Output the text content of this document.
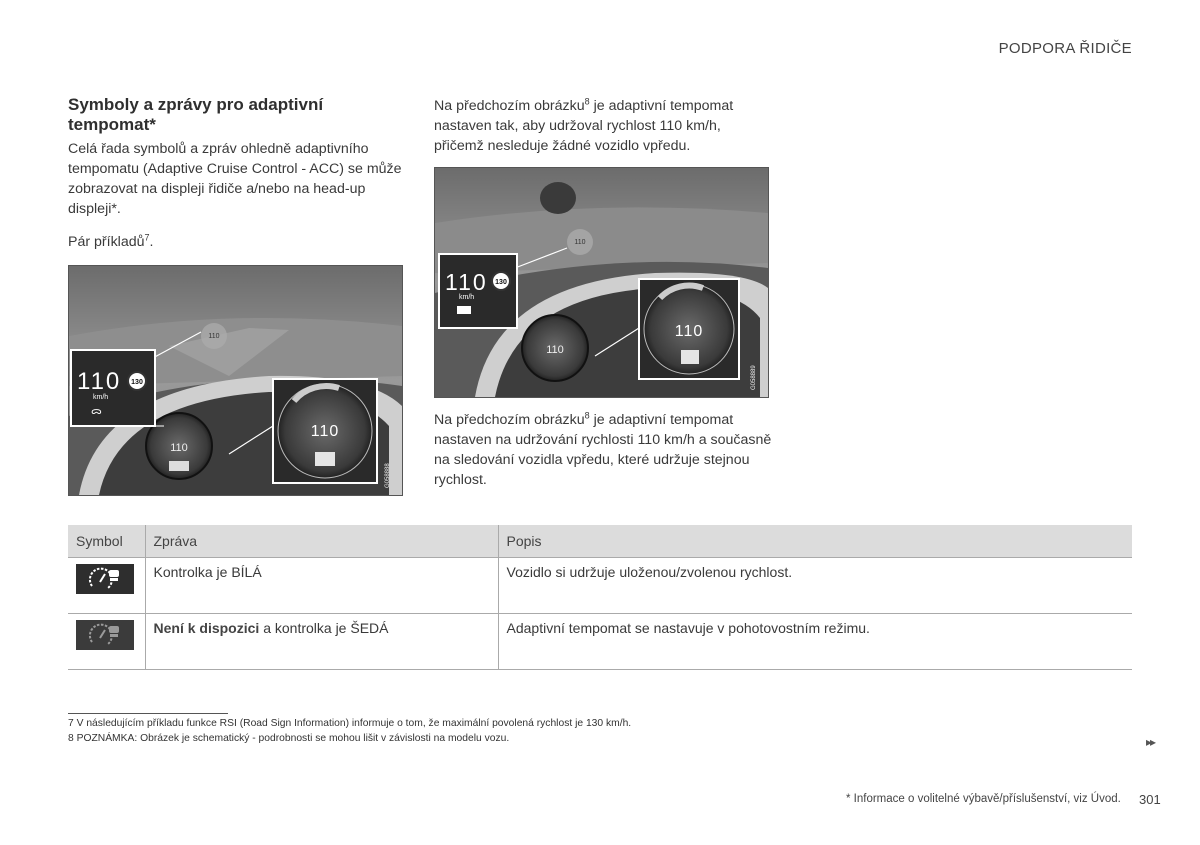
PODPORA ŘIDIČE
Symboly a zprávy pro adaptivní tempomat*
Celá řada symbolů a zpráv ohledně adaptivního tempomatu (Adaptive Cruise Control - ACC) se může zobrazovat na displeji řidiče a/nebo na head-up displeji*.
Pár příkladů$^7$.
110
110
110
km/h
130
ᯅ
110
G058888
Na předchozím obrázku$^8$ je adaptivní tempomat nastaven tak, aby udržoval rychlost 110 km/h, přičemž nesleduje žádné vozidlo vpředu.
110
110
110
km/h
130
110
G058889
Na předchozím obrázku$^8$ je adaptivní tempomat nastaven na udržování rychlosti 110 km/h a současně na sledování vozidla vpředu, které udržuje stejnou rychlost.
Symbol	Zpráva	Popis

	Kontrolka je BÍLÁ	Vozidlo si udržuje uloženou/zvolenou rychlost.

	Není k dispozici a kontrolka je ŠEDÁ	Adaptivní tempomat se nastavuje v pohotovostním režimu.
7 V následujícím příkladu funkce RSI (Road Sign Information) informuje o tom, že maximální povolená rychlost je 130 km/h.
8 POZNÁMKA: Obrázek je schematický - podrobnosti se mohou lišit v závislosti na modelu vozu.	▸▸
* Informace o volitelné výbavě/příslušenství, viz Úvod. 301
